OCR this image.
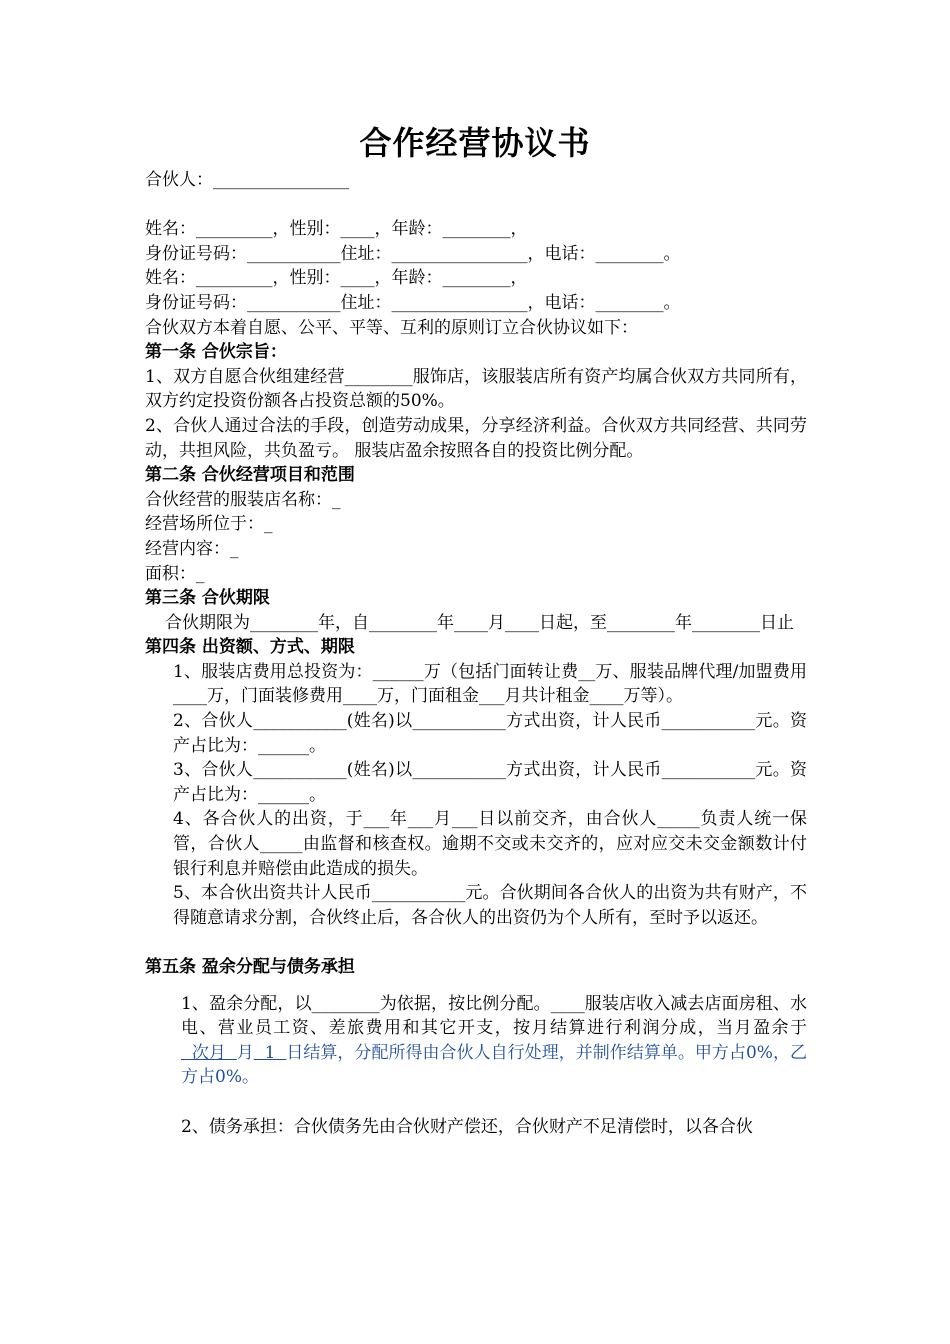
合作经营协议书
合伙人：________________
姓名：_________，性别：____，年龄：________，
身份证号码：___________住址：________________，电话：________。
姓名：_________，性别：____，年龄：________，
身份证号码：___________住址：________________，电话：________。
合伙双方本着自愿、公平、平等、互利的原则订立合伙协议如下：
第一条 合伙宗旨：
1、双方自愿合伙组建经营________服饰店，该服装店所有资产均属合伙双方共同所有，双方约定投资份额各占投资总额的50%。
2、合伙人通过合法的手段，创造劳动成果，分享经济利益。合伙双方共同经营、共同劳动，共担风险，共负盈亏。 服装店盈余按照各自的投资比例分配。
第二条 合伙经营项目和范围
合伙经营的服装店名称：_
经营场所位于：_
经营内容：_
面积：_
第三条 合伙期限
合伙期限为________年，自________年____月____日起，至________年________日止
第四条 出资额、方式、期限
1、服装店费用总投资为：______万（包括门面转让费__万、服装品牌代理/加盟费用____万，门面装修费用____万，门面租金___月共计租金____万等）。
2、合伙人___________(姓名)以___________方式出资，计人民币___________元。资产占比为：______。
3、合伙人___________(姓名)以___________方式出资，计人民币___________元。资产占比为：______。
4、各合伙人的出资，于___年___月___日以前交齐，由合伙人_____负责人统一保管，合伙人_____由监督和核查权。逾期不交或未交齐的，应对应交未交金额数计付银行利息并赔偿由此造成的损失。
5、本合伙出资共计人民币___________元。合伙期间各合伙人的出资为共有财产，不得随意请求分割，合伙终止后，各合伙人的出资仍为个人所有，至时予以返还。
第五条 盈余分配与债务承担
1、盈余分配，以________为依据，按比例分配。____服装店收入减去店面房租、水电、营业员工资、差旅费用和其它开支，按月结算进行利润分成，当月盈余于  次月  月  1  日结算，分配所得由合伙人自行处理，并制作结算单。甲方占0%，乙方占0%。
2、债务承担：合伙债务先由合伙财产偿还，合伙财产不足清偿时，以各合伙
